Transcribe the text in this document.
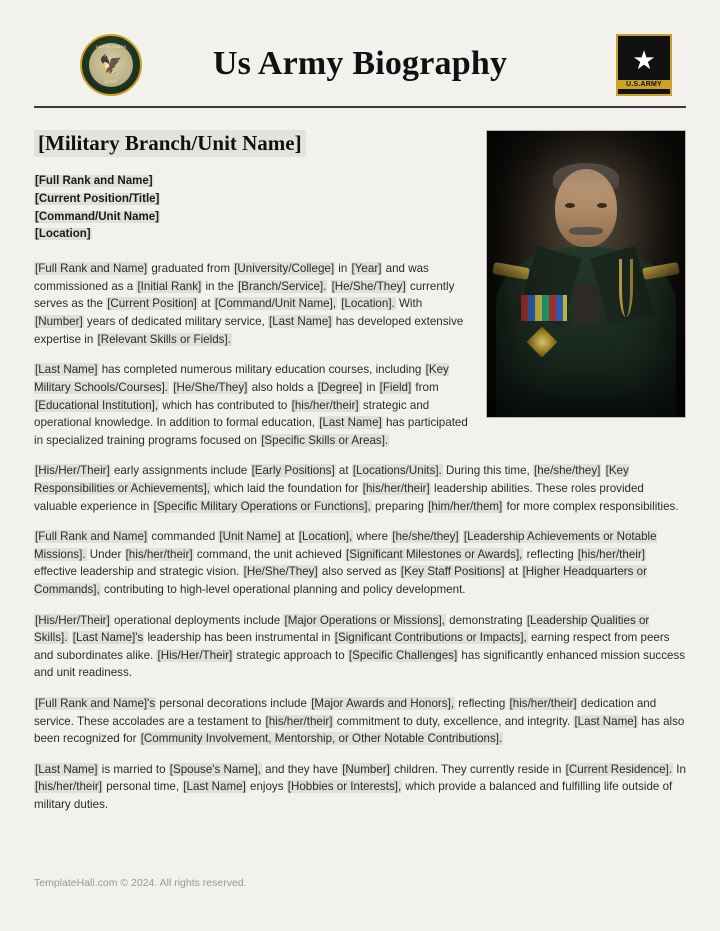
UNITED STATES
🦅
ARMY	Us Army Biography	★
U.S.ARMY
[Military Branch/Unit Name]
[Full Rank and Name]
[Current Position/Title]
[Command/Unit Name]
[Location]

[Full Rank and Name] graduated from [University/College] in [Year] and was commissioned as a [Initial Rank] in the [Branch/Service]. [He/She/They] currently serves as the [Current Position] at [Command/Unit Name], [Location]. With [Number] years of dedicated military service, [Last Name] has developed extensive expertise in [Relevant Skills or Fields].

[Last Name] has completed numerous military education courses, including [Key Military Schools/Courses]. [He/She/They] also holds a [Degree] in [Field] from [Educational Institution], which has contributed to [his/her/their] strategic and operational knowledge. In addition to formal education, [Last Name] has participated in specialized training programs focused on [Specific Skills or Areas].

[His/Her/Their] early assignments include [Early Positions] at [Locations/Units]. During this time, [he/she/they] [Key Responsibilities or Achievements], which laid the foundation for [his/her/their] leadership abilities. These roles provided valuable experience in [Specific Military Operations or Functions], preparing [him/her/them] for more complex responsibilities.

[Full Rank and Name] commanded [Unit Name] at [Location], where [he/she/they] [Leadership Achievements or Notable Missions]. Under [his/her/their] command, the unit achieved [Significant Milestones or Awards], reflecting [his/her/their] effective leadership and strategic vision. [He/She/They] also served as [Key Staff Positions] at [Higher Headquarters or Commands], contributing to high-level operational planning and policy development.

[His/Her/Their] operational deployments include [Major Operations or Missions], demonstrating [Leadership Qualities or Skills]. [Last Name]'s leadership has been instrumental in [Significant Contributions or Impacts], earning respect from peers and subordinates alike. [His/Her/Their] strategic approach to [Specific Challenges] has significantly enhanced mission success and unit readiness.

[Full Rank and Name]'s personal decorations include [Major Awards and Honors], reflecting [his/her/their] dedication and service. These accolades are a testament to [his/her/their] commitment to duty, excellence, and integrity. [Last Name] has also been recognized for [Community Involvement, Mentorship, or Other Notable Contributions].

[Last Name] is married to [Spouse's Name], and they have [Number] children. They currently reside in [Current Residence]. In [his/her/their] personal time, [Last Name] enjoys [Hobbies or Interests], which provide a balanced and fulfilling life outside of military duties.

TemplateHall.com © 2024. All rights reserved.
